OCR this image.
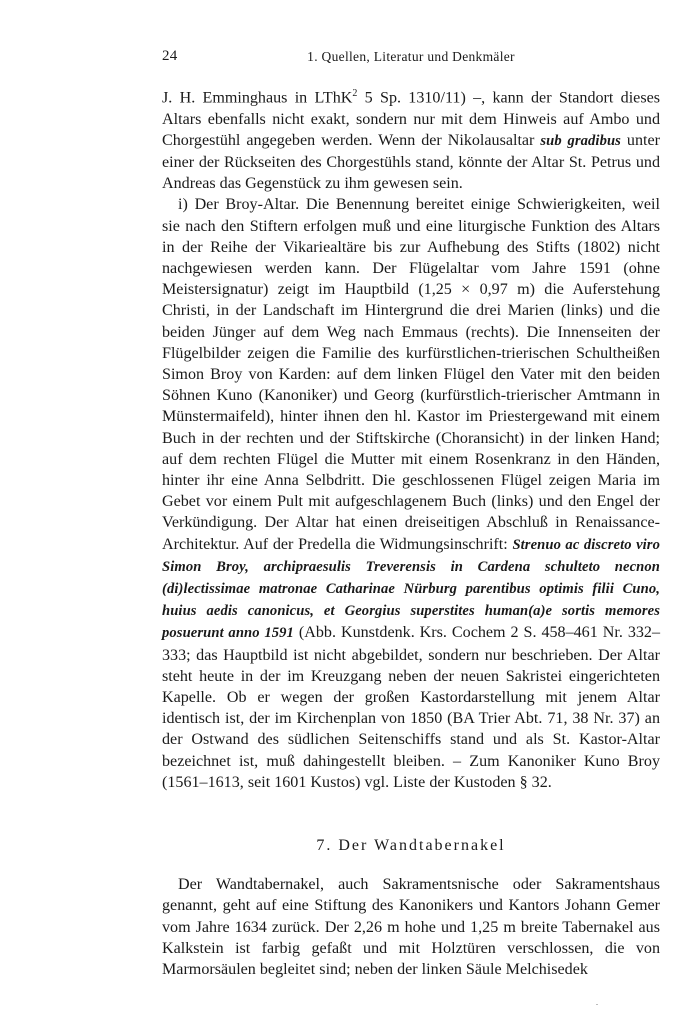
24	1. Quellen, Literatur und Denkmäler

J. H. Emminghaus in LThK$^2$ 5 Sp. 1310/11) –, kann der Standort dieses Altars ebenfalls nicht exakt, sondern nur mit dem Hinweis auf Ambo und Chorgestühl angegeben werden. Wenn der Nikolausaltar sub gradibus unter einer der Rückseiten des Chorgestühls stand, könnte der Altar St. Petrus und Andreas das Gegenstück zu ihm gewesen sein.

i) Der Broy-Altar. Die Benennung bereitet einige Schwierigkeiten, weil sie nach den Stiftern erfolgen muß und eine liturgische Funktion des Altars in der Reihe der Vikariealtäre bis zur Aufhebung des Stifts (1802) nicht nachgewiesen werden kann. Der Flügelaltar vom Jahre 1591 (ohne Meistersignatur) zeigt im Hauptbild (1,25 × 0,97 m) die Auferstehung Christi, in der Landschaft im Hintergrund die drei Marien (links) und die beiden Jünger auf dem Weg nach Emmaus (rechts). Die Innenseiten der Flügelbilder zeigen die Familie des kurfürstlichen-trierischen Schultheißen Simon Broy von Karden: auf dem linken Flügel den Vater mit den beiden Söhnen Kuno (Kanoniker) und Georg (kurfürstlich-trierischer Amtmann in Münstermaifeld), hinter ihnen den hl. Kastor im Priestergewand mit einem Buch in der rechten und der Stiftskirche (Choransicht) in der linken Hand; auf dem rechten Flügel die Mutter mit einem Rosenkranz in den Händen, hinter ihr eine Anna Selbdritt. Die geschlossenen Flügel zeigen Maria im Gebet vor einem Pult mit aufgeschlagenem Buch (links) und den Engel der Verkündigung. Der Altar hat einen dreiseitigen Abschluß in Renaissance-Architektur. Auf der Predella die Widmungsinschrift: Strenuo ac discreto viro Simon Broy, archipraesulis Treverensis in Cardena schulteto necnon (di)lectissimae matronae Catharinae Nürburg parentibus optimis filii Cuno, huius aedis canonicus, et Georgius superstites human(a)e sortis memores posuerunt anno 1591 (Abb. Kunstdenk. Krs. Cochem 2 S. 458–461 Nr. 332–333; das Hauptbild ist nicht abgebildet, sondern nur beschrieben. Der Altar steht heute in der im Kreuzgang neben der neuen Sakristei eingerichteten Kapelle. Ob er wegen der großen Kastordarstellung mit jenem Altar identisch ist, der im Kirchenplan von 1850 (BA Trier Abt. 71, 38 Nr. 37) an der Ostwand des südlichen Seitenschiffs stand und als St. Kastor-Altar bezeichnet ist, muß dahingestellt bleiben. – Zum Kanoniker Kuno Broy (1561–1613, seit 1601 Kustos) vgl. Liste der Kustoden § 32.

7. Der Wandtabernakel

Der Wandtabernakel, auch Sakramentsnische oder Sakramentshaus genannt, geht auf eine Stiftung des Kanonikers und Kantors Johann Gemer vom Jahre 1634 zurück. Der 2,26 m hohe und 1,25 m breite Tabernakel aus Kalkstein ist farbig gefaßt und mit Holztüren verschlossen, die von Marmorsäulen begleitet sind; neben der linken Säule Melchisedek
